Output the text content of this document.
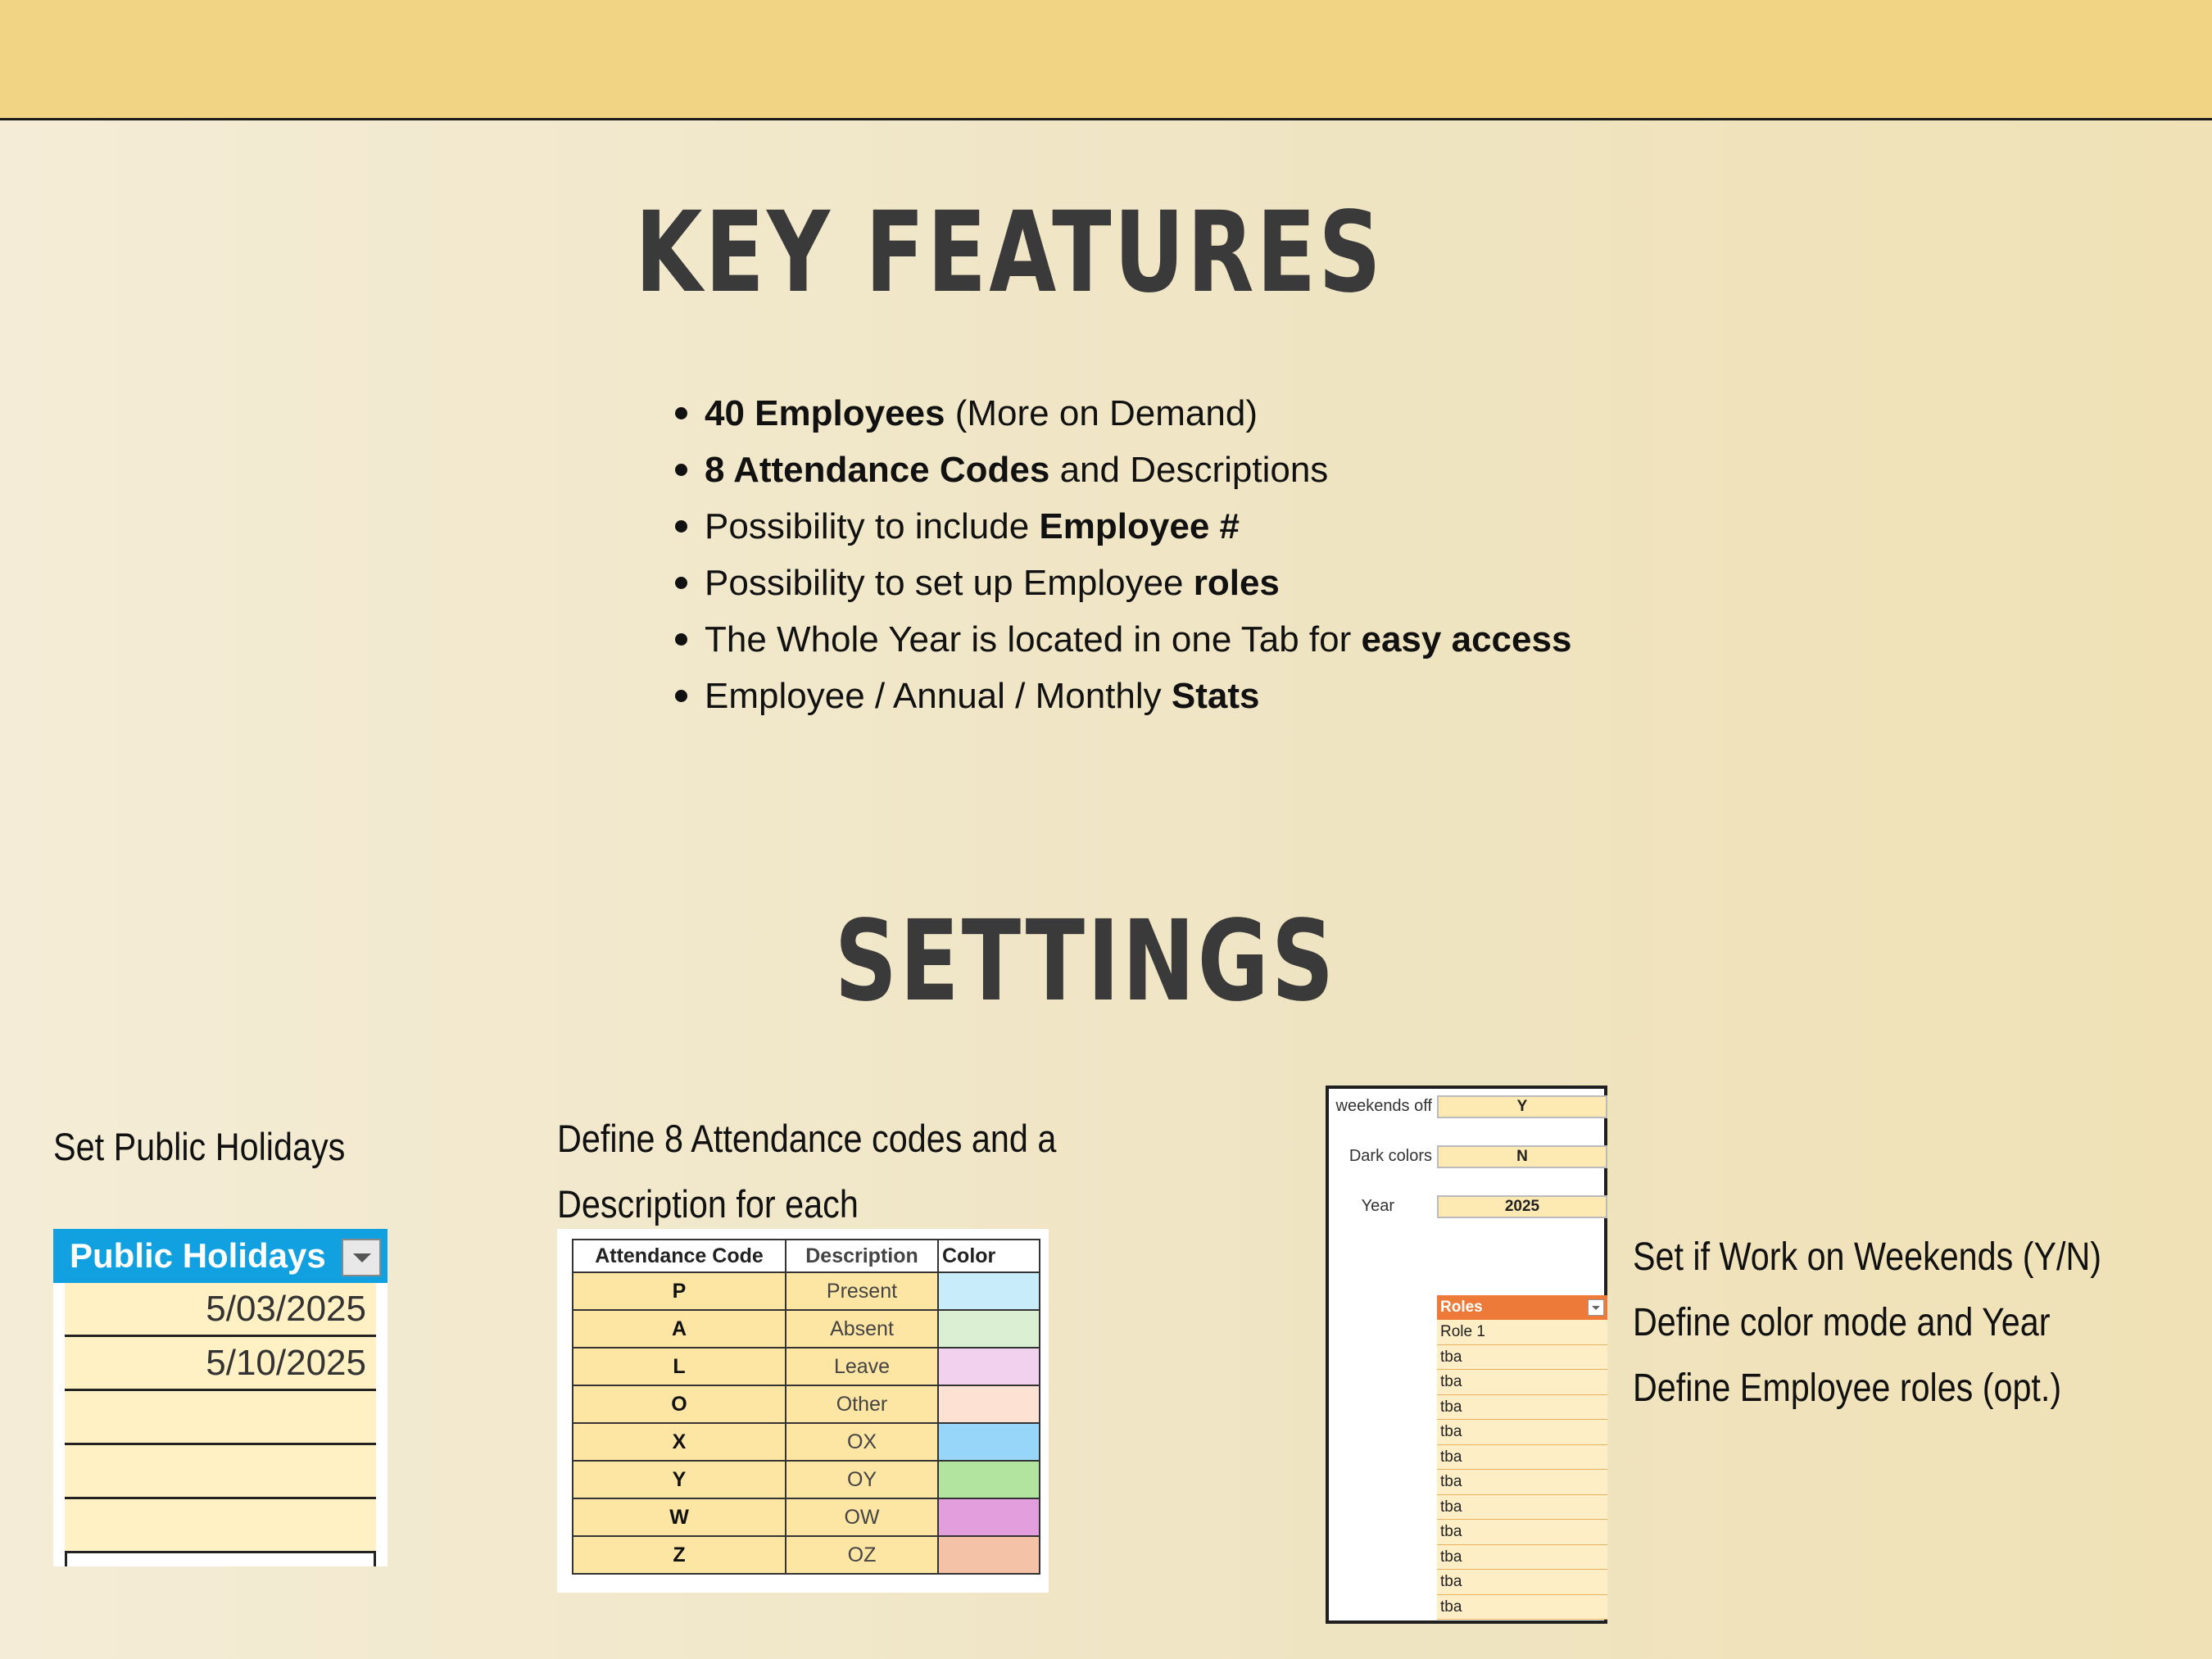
KEY FEATURES
40 Employees (More on Demand)
8 Attendance Codes and Descriptions
Possibility to include Employee #
Possibility to set up Employee roles
The Whole Year is located in one Tab for easy access
Employee / Annual / Monthly Stats
SETTINGS
Set Public Holidays	Define 8 Attendance codes and a
Description for each
Public Holidays
5/03/2025
5/10/2025
Attendance Code	Description	Color
P	Present	
A	Absent	
L	Leave	
O	Other	
X	OX	
Y	OY	
W	OW	
Z	OZ	
weekends off	Y
Dark colors	N
Year	2025
Roles
Role 1
tba
tba
tba
tba
tba
tba
tba
tba
tba
tba
tba
Set if Work on Weekends (Y/N)
Define color mode and Year
Define Employee roles (opt.)
